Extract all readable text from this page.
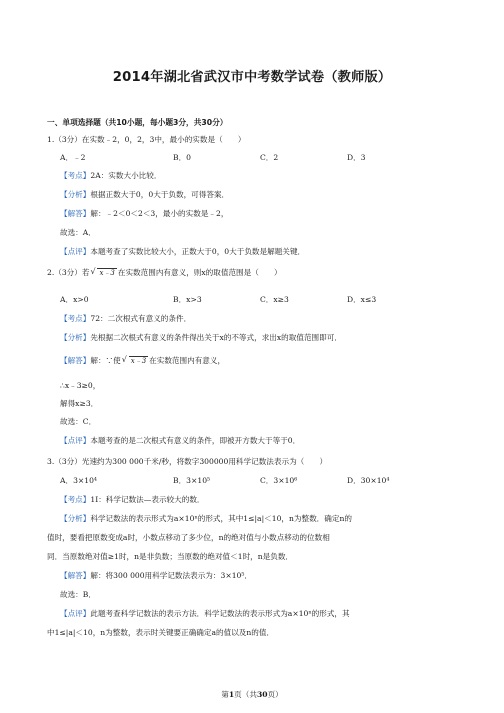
2014年湖北省武汉市中考数学试卷（教师版）
一、单项选择题（共10小题，每小题3分，共30分）
1.（3分）在实数﹣2，0，2，3中，最小的实数是（　　）
A．﹣2	B．0	C．2	D．3
【考点】2A：实数大小比较．
【分析】根据正数大于0，0大于负数，可得答案．
【解答】解：﹣2＜0＜2＜3，最小的实数是﹣2，
故选：A．
【点评】本题考查了实数比较大小，正数大于0，0大于负数是解题关键．
2.（3分）若 √ x﹣3 在实数范围内有意义，则x的取值范围是（　　）
A．x>0	B．x>3	C．x≥3	D．x≤3
【考点】72：二次根式有意义的条件．
【分析】先根据二次根式有意义的条件得出关于x的不等式，求出x的取值范围即可．
【解答】解：∵使 √ x﹣3 在实数范围内有意义，
∴x﹣3≥0，
解得x≥3．
故选：C．
【点评】本题考查的是二次根式有意义的条件，即被开方数大于等于0．
3.（3分）光速约为300 000千米/秒，将数字300000用科学记数法表示为（　　）
A．3×10⁴	B．3×10⁵	C．3×10⁶	D．30×10⁴
【考点】1I：科学记数法—表示较大的数．
【分析】科学记数法的表示形式为a×10ⁿ的形式，其中1≤|a|＜10，n为整数．确定n的
值时，要看把原数变成a时，小数点移动了多少位，n的绝对值与小数点移动的位数相
同．当原数绝对值≥1时，n是非负数；当原数的绝对值＜1时，n是负数．
【解答】解：将300 000用科学记数法表示为：3×10⁵．
故选：B．
【点评】此题考查科学记数法的表示方法．科学记数法的表示形式为a×10ⁿ的形式，其
中1≤|a|＜10，n为整数，表示时关键要正确确定a的值以及n的值．
第1页（共30页）
